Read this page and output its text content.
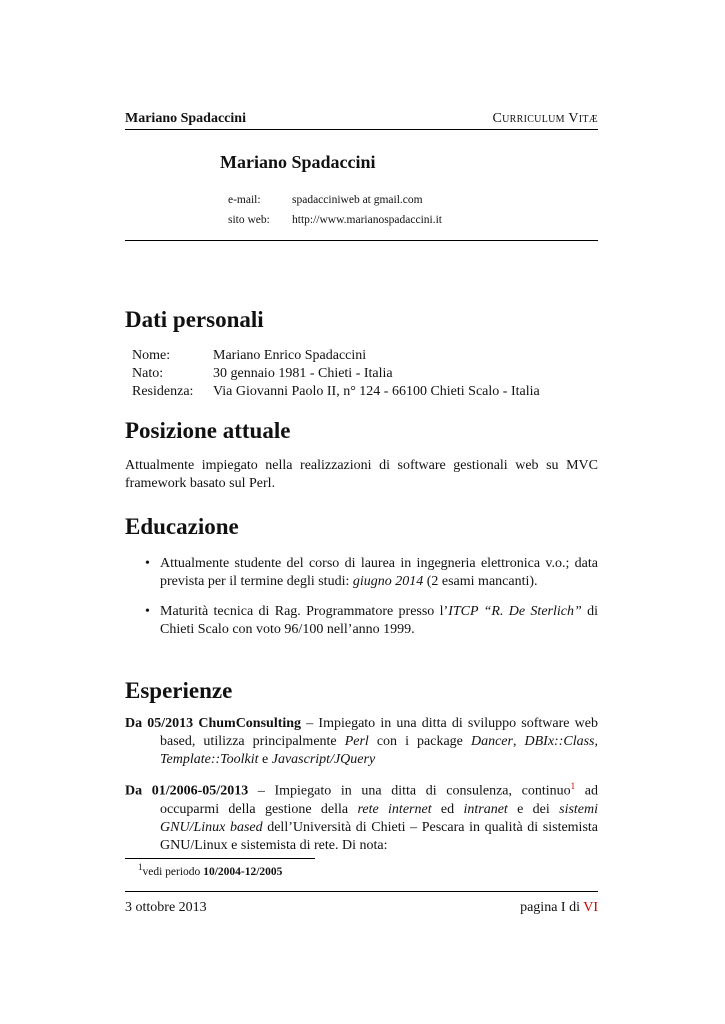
Mariano Spadaccini	Curriculum Vitæ
Mariano Spadaccini
e-mail:	spadacciniweb at gmail.com
sito web:	http://www.marianospadaccini.it
Dati personali
Nome:	Mariano Enrico Spadaccini
Nato:	30 gennaio 1981 - Chieti - Italia
Residenza:	Via Giovanni Paolo II, n° 124 - 66100 Chieti Scalo - Italia
Posizione attuale
Attualmente impiegato nella realizzazioni di software gestionali web su MVC framework basato sul Perl.
Educazione
• Attualmente studente del corso di laurea in ingegneria elettronica v.o.; data prevista per il termine degli studi: giugno 2014 (2 esami mancanti).
• Maturità tecnica di Rag. Programmatore presso l’ITCP “R. De Sterlich” di Chieti Scalo con voto 96/100 nell’anno 1999.
Esperienze
Da 05/2013 ChumConsulting – Impiegato in una ditta di sviluppo software web based, utilizza principalmente Perl con i package Dancer, DBIx::Class, Template::Toolkit e Javascript/JQuery
Da 01/2006-05/2013 – Impiegato in una ditta di consulenza, continuo$^1$ ad occuparmi della gestione della rete internet ed intranet e dei sistemi GNU/Linux based dell’Università di Chieti – Pescara in qualità di sistemista GNU/Linux e sistemista di rete. Di nota:
$^1$vedi periodo 10/2004-12/2005
3 ottobre 2013	pagina I di VI
